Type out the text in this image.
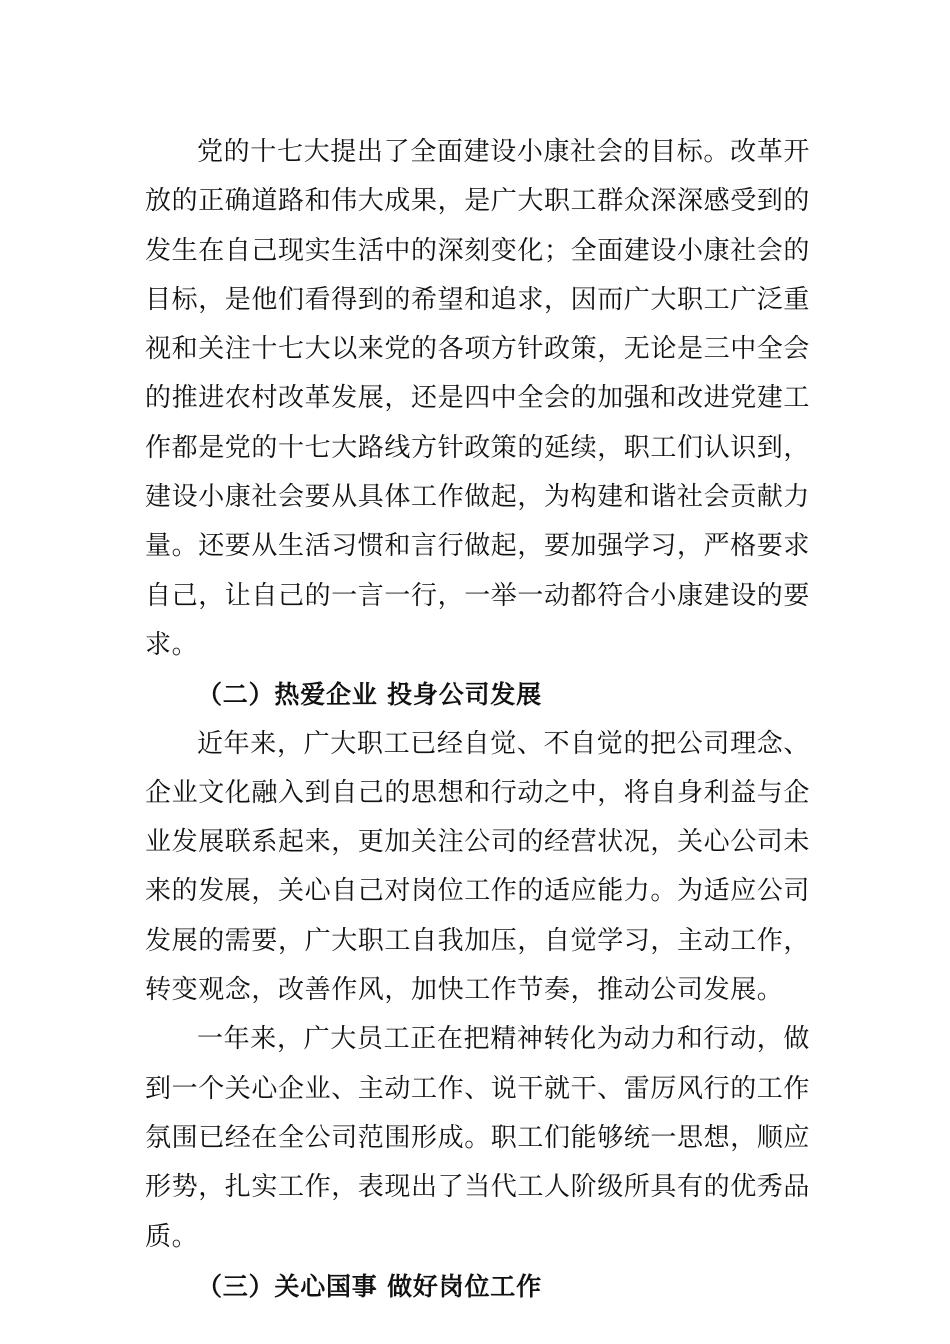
党的十七大提出了全面建设小康社会的目标。改革开放的正确道路和伟大成果，是广大职工群众深深感受到的发生在自己现实生活中的深刻变化；全面建设小康社会的目标，是他们看得到的希望和追求，因而广大职工广泛重视和关注十七大以来党的各项方针政策，无论是三中全会的推进农村改革发展，还是四中全会的加强和改进党建工作都是党的十七大路线方针政策的延续，职工们认识到，建设小康社会要从具体工作做起，为构建和谐社会贡献力量。还要从生活习惯和言行做起，要加强学习，严格要求自己，让自己的一言一行，一举一动都符合小康建设的要求。

（二）热爱企业 投身公司发展

近年来，广大职工已经自觉、不自觉的把公司理念、企业文化融入到自己的思想和行动之中，将自身利益与企业发展联系起来，更加关注公司的经营状况，关心公司未来的发展，关心自己对岗位工作的适应能力。为适应公司发展的需要，广大职工自我加压，自觉学习，主动工作，转变观念，改善作风，加快工作节奏，推动公司发展。

一年来，广大员工正在把精神转化为动力和行动，做到一个关心企业、主动工作、说干就干、雷厉风行的工作氛围已经在全公司范围形成。职工们能够统一思想，顺应形势，扎实工作，表现出了当代工人阶级所具有的优秀品质。

（三）关心国事 做好岗位工作
